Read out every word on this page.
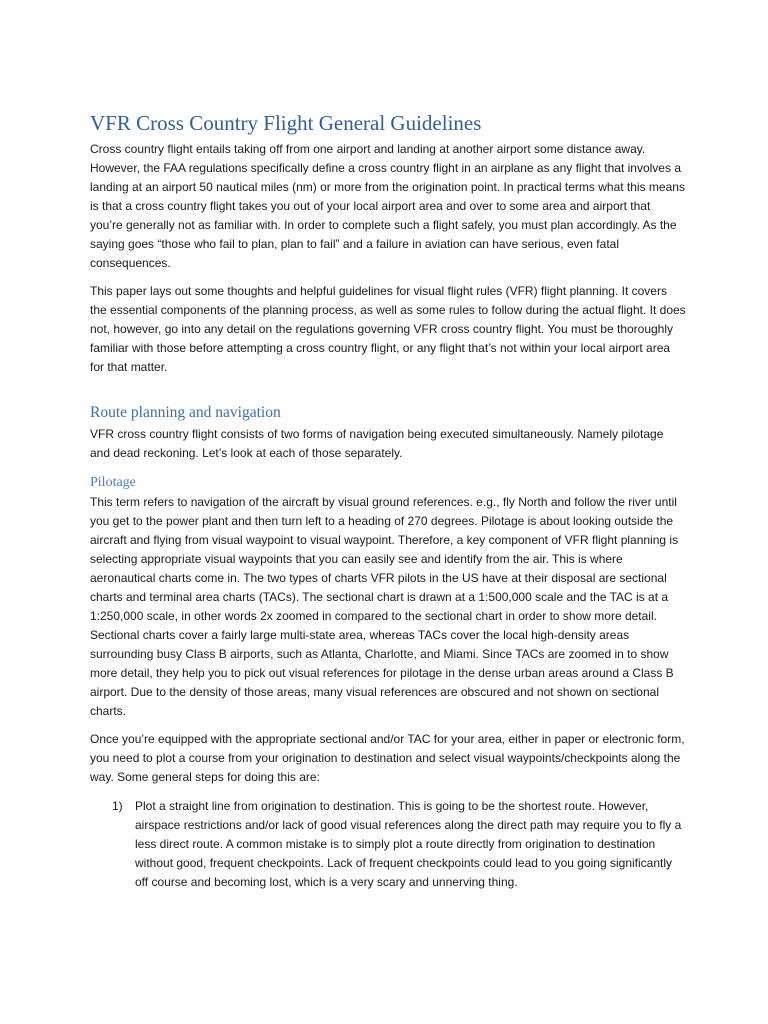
VFR Cross Country Flight General Guidelines

Cross country flight entails taking off from one airport and landing at another airport some distance away. However, the FAA regulations specifically define a cross country flight in an airplane as any flight that involves a landing at an airport 50 nautical miles (nm) or more from the origination point. In practical terms what this means is that a cross country flight takes you out of your local airport area and over to some area and airport that you’re generally not as familiar with. In order to complete such a flight safely, you must plan accordingly. As the saying goes “those who fail to plan, plan to fail” and a failure in aviation can have serious, even fatal consequences.

This paper lays out some thoughts and helpful guidelines for visual flight rules (VFR) flight planning. It covers the essential components of the planning process, as well as some rules to follow during the actual flight. It does not, however, go into any detail on the regulations governing VFR cross country flight. You must be thoroughly familiar with those before attempting a cross country flight, or any flight that’s not within your local airport area for that matter.

Route planning and navigation

VFR cross country flight consists of two forms of navigation being executed simultaneously. Namely pilotage and dead reckoning. Let’s look at each of those separately.

Pilotage

This term refers to navigation of the aircraft by visual ground references. e.g., fly North and follow the river until you get to the power plant and then turn left to a heading of 270 degrees. Pilotage is about looking outside the aircraft and flying from visual waypoint to visual waypoint. Therefore, a key component of VFR flight planning is selecting appropriate visual waypoints that you can easily see and identify from the air. This is where aeronautical charts come in. The two types of charts VFR pilots in the US have at their disposal are sectional charts and terminal area charts (TACs). The sectional chart is drawn at a 1:500,000 scale and the TAC is at a 1:250,000 scale, in other words 2x zoomed in compared to the sectional chart in order to show more detail. Sectional charts cover a fairly large multi-state area, whereas TACs cover the local high-density areas surrounding busy Class B airports, such as Atlanta, Charlotte, and Miami. Since TACs are zoomed in to show more detail, they help you to pick out visual references for pilotage in the dense urban areas around a Class B airport. Due to the density of those areas, many visual references are obscured and not shown on sectional charts.

Once you’re equipped with the appropriate sectional and/or TAC for your area, either in paper or electronic form, you need to plot a course from your origination to destination and select visual waypoints/checkpoints along the way. Some general steps for doing this are:

1) Plot a straight line from origination to destination. This is going to be the shortest route. However, airspace restrictions and/or lack of good visual references along the direct path may require you to fly a less direct route. A common mistake is to simply plot a route directly from origination to destination without good, frequent checkpoints. Lack of frequent checkpoints could lead to you going significantly off course and becoming lost, which is a very scary and unnerving thing.
